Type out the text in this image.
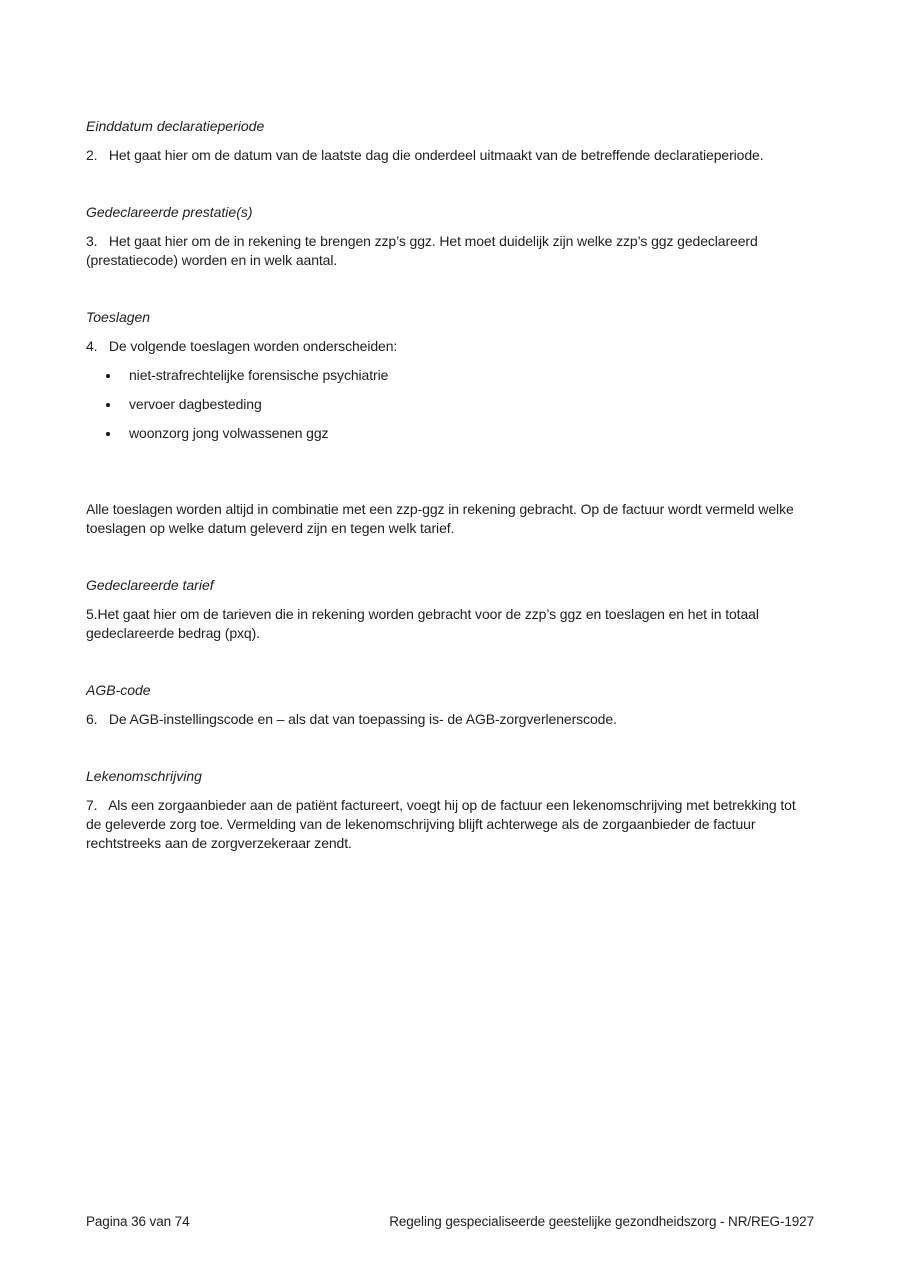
Einddatum declaratieperiode

2.   Het gaat hier om de datum van de laatste dag die onderdeel uitmaakt van de betreffende declaratieperiode.

Gedeclareerde prestatie(s)

3.   Het gaat hier om de in rekening te brengen zzp’s ggz. Het moet duidelijk zijn welke zzp’s ggz gedeclareerd (prestatiecode) worden en in welk aantal.

Toeslagen

4.   De volgende toeslagen worden onderscheiden:

niet-strafrechtelijke forensische psychiatrie
vervoer dagbesteding
woonzorg jong volwassenen ggz

Alle toeslagen worden altijd in combinatie met een zzp-ggz in rekening gebracht. Op de factuur wordt vermeld welke toeslagen op welke datum geleverd zijn en tegen welk tarief.

Gedeclareerde tarief

5.Het gaat hier om de tarieven die in rekening worden gebracht voor de zzp’s ggz en toeslagen en het in totaal gedeclareerde bedrag (pxq).

AGB-code

6.   De AGB-instellingscode en – als dat van toepassing is- de AGB-zorgverlenerscode.

Lekenomschrijving

7.   Als een zorgaanbieder aan de patiënt factureert, voegt hij op de factuur een lekenomschrijving met betrekking tot de geleverde zorg toe. Vermelding van de lekenomschrijving blijft achterwege als de zorgaanbieder de factuur rechtstreeks aan de zorgverzekeraar zendt.

Pagina 36 van 74	Regeling gespecialiseerde geestelijke gezondheidszorg - NR/REG-1927
